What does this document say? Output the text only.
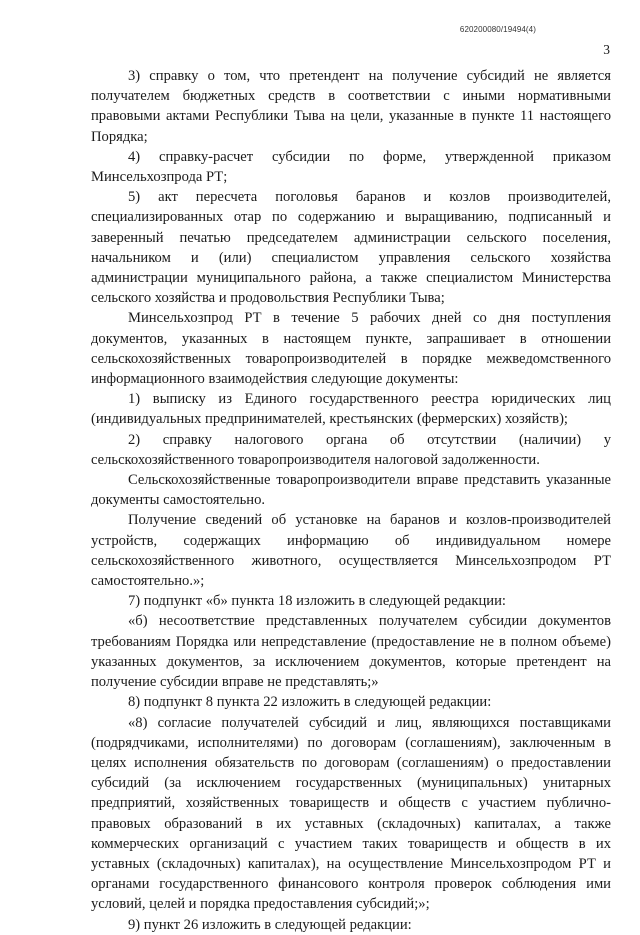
620200080/19494(4)
3

3) справку о том, что претендент на получение субсидий не является получателем бюджетных средств в соответствии с иными нормативными правовыми актами Республики Тыва на цели, указанные в пункте 11 настоящего Порядка;

4) справку-расчет субсидии по форме, утвержденной приказом Минсельхозпрода РТ;

5) акт пересчета поголовья баранов и козлов производителей, специализированных отар по содержанию и выращиванию, подписанный и заверенный печатью председателем администрации сельского поселения, начальником и (или) специалистом управления сельского хозяйства администрации муниципального района, а также специалистом Министерства сельского хозяйства и продовольствия Республики Тыва;

Минсельхозпрод РТ в течение 5 рабочих дней со дня поступления документов, указанных в настоящем пункте, запрашивает в отношении сельскохозяйственных товаропроизводителей в порядке межведомственного информационного взаимодействия следующие документы:

1) выписку из Единого государственного реестра юридических лиц (индивидуальных предпринимателей, крестьянских (фермерских) хозяйств);

2) справку налогового органа об отсутствии (наличии) у сельскохозяйственного товаропроизводителя налоговой задолженности.

Сельскохозяйственные товаропроизводители вправе представить указанные документы самостоятельно.

Получение сведений об установке на баранов и козлов-производителей устройств, содержащих информацию об индивидуальном номере сельскохозяйственного животного, осуществляется Минсельхозпродом РТ самостоятельно.»;

7) подпункт «б» пункта 18 изложить в следующей редакции:

«б) несоответствие представленных получателем субсидии документов требованиям Порядка или непредставление (предоставление не в полном объеме) указанных документов, за исключением документов, которые претендент на получение субсидии вправе не представлять;»

8) подпункт 8 пункта 22 изложить в следующей редакции:

«8) согласие получателей субсидий и лиц, являющихся поставщиками (подрядчиками, исполнителями) по договорам (соглашениям), заключенным в целях исполнения обязательств по договорам (соглашениям) о предоставлении субсидий (за исключением государственных (муниципальных) унитарных предприятий, хозяйственных товариществ и обществ с участием публично-правовых образований в их уставных (складочных) капиталах, а также коммерческих организаций с участием таких товариществ и обществ в их уставных (складочных) капиталах), на осуществление Минсельхозпродом РТ и органами государственного финансового контроля проверок соблюдения ими условий, целей и порядка предоставления субсидий;»;

9) пункт 26 изложить в следующей редакции:
